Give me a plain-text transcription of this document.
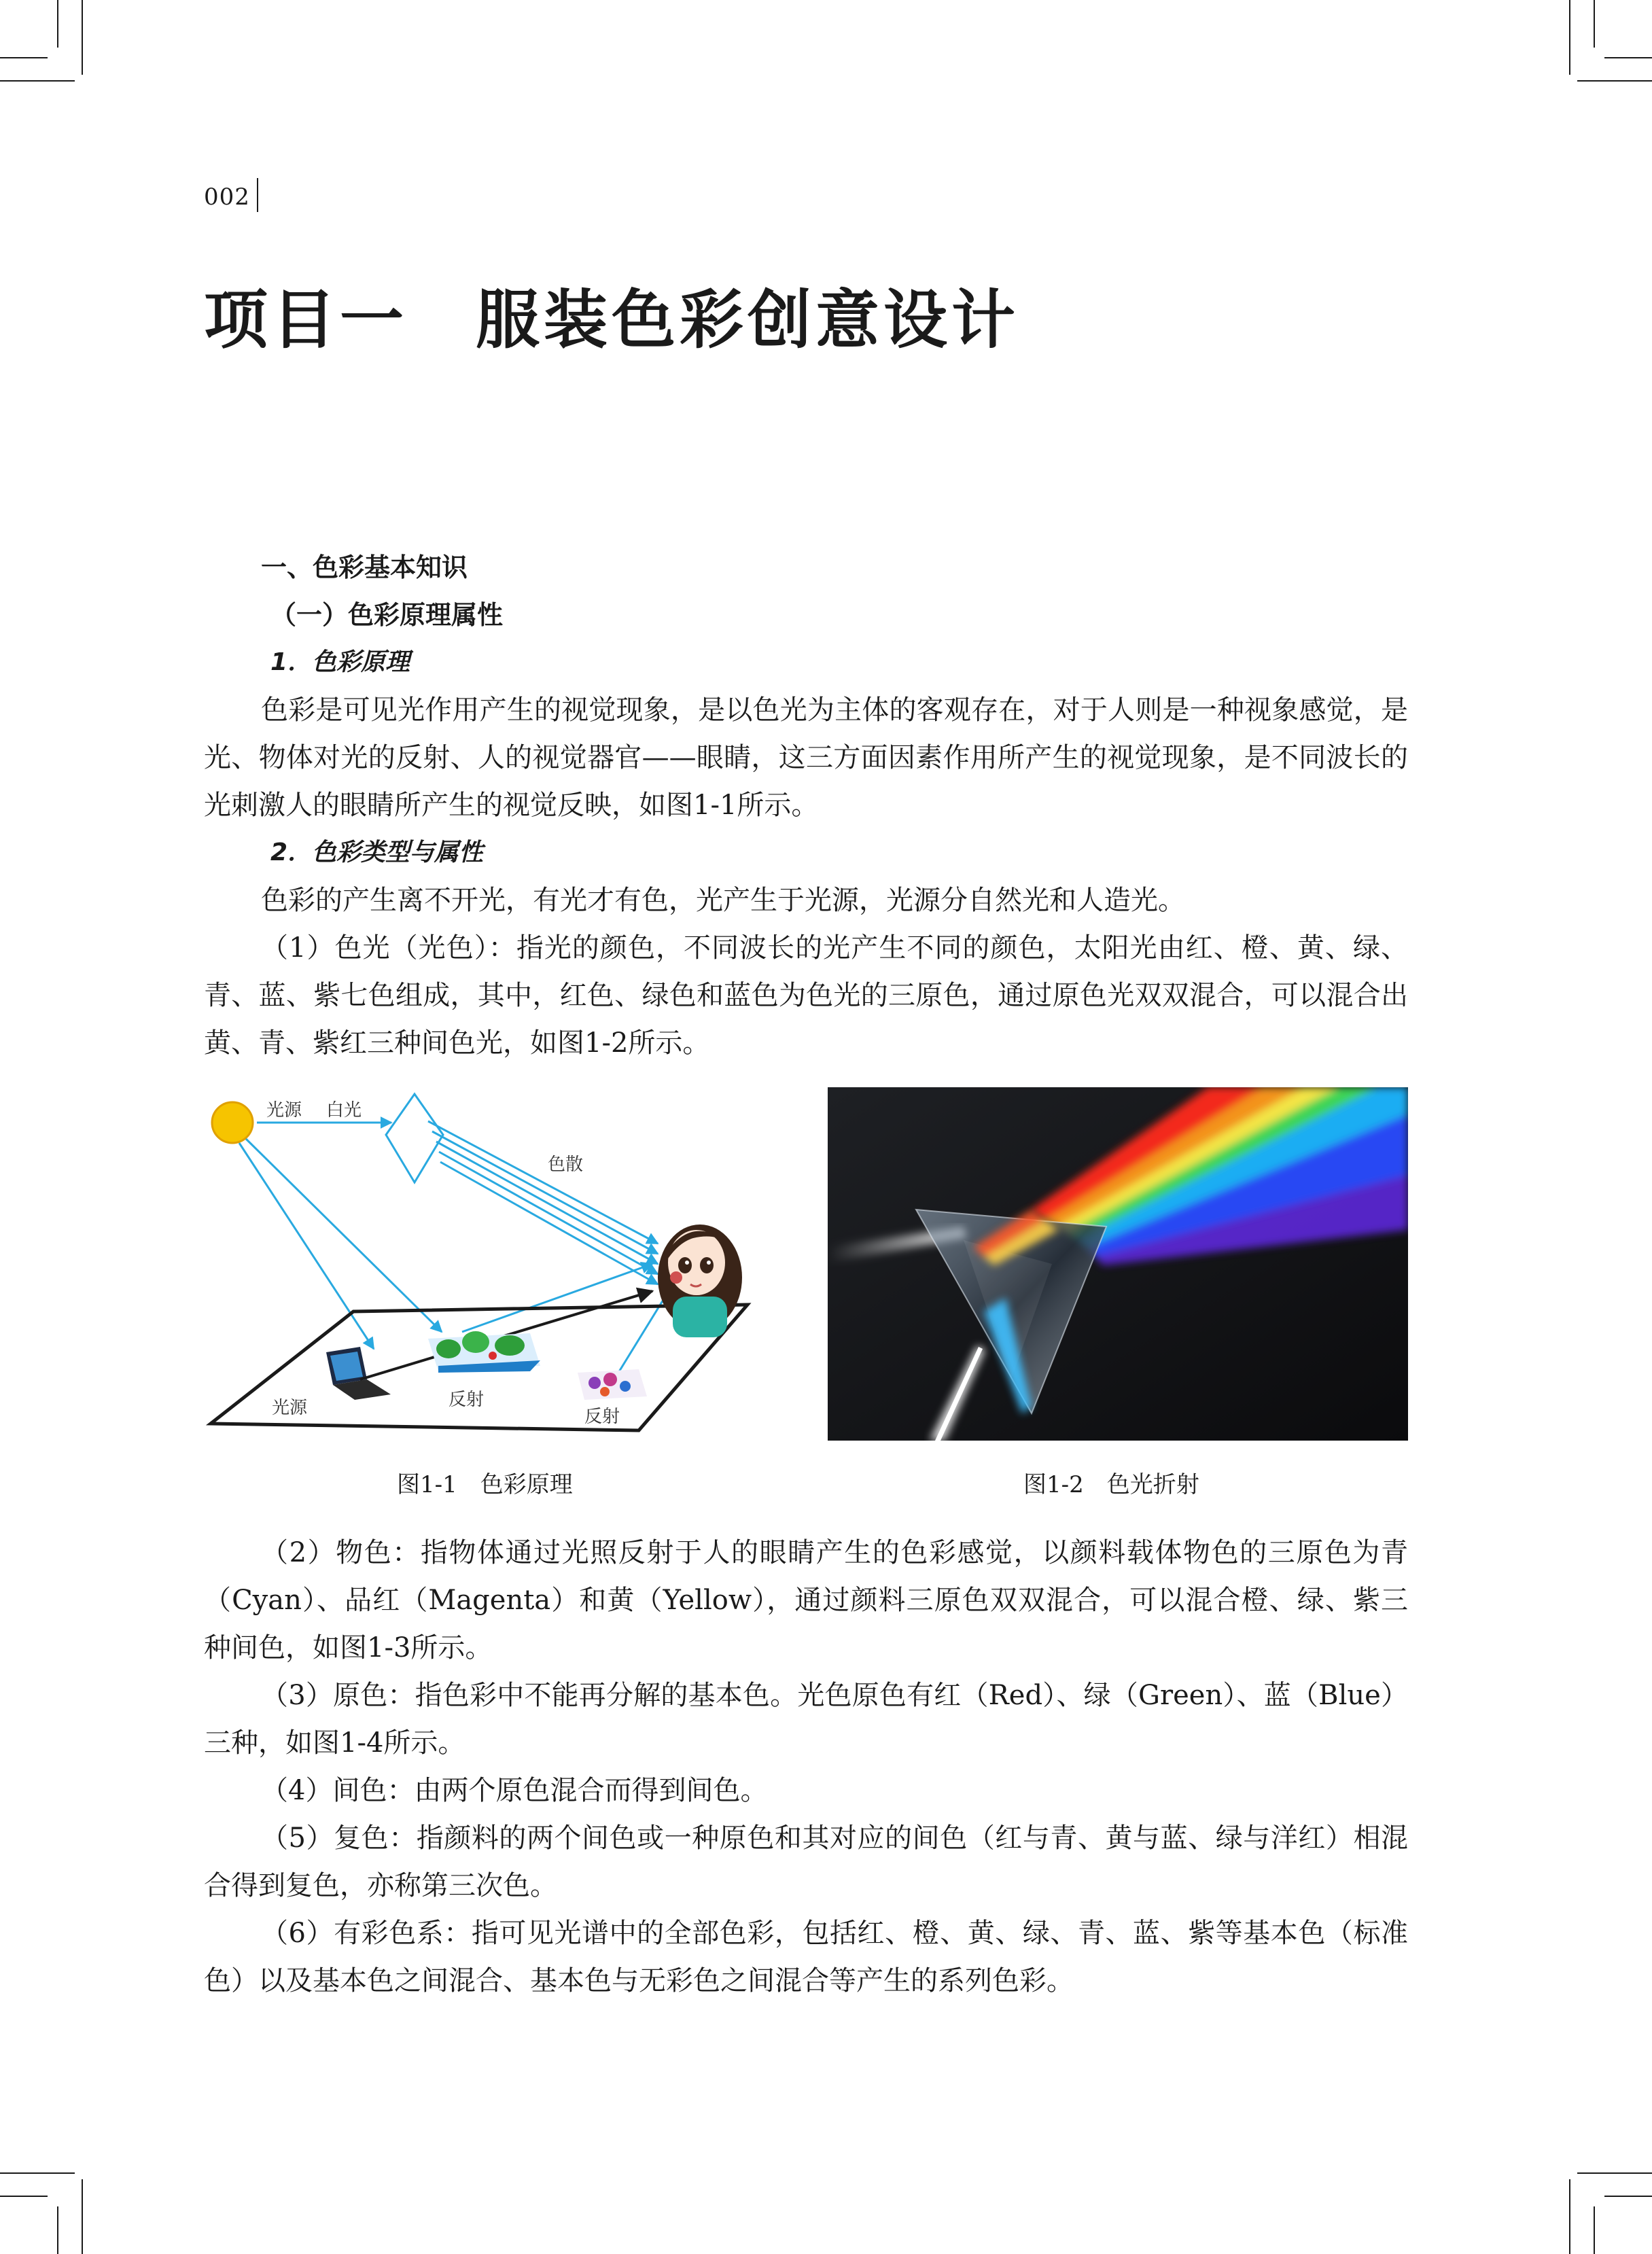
002
项目一　服装色彩创意设计

一、色彩基本知识

（一）色彩原理属性

1．色彩原理

色彩是可见光作用产生的视觉现象，是以色光为主体的客观存在，对于人则是一种视象感觉，是光、物体对光的反射、人的视觉器官——眼睛，这三方面因素作用所产生的视觉现象，是不同波长的光刺激人的眼睛所产生的视觉反映，如图1-1所示。

2．色彩类型与属性

色彩的产生离不开光，有光才有色，光产生于光源，光源分自然光和人造光。

（1）色光（光色）：指光的颜色，不同波长的光产生不同的颜色，太阳光由红、橙、黄、绿、青、蓝、紫七色组成，其中，红色、绿色和蓝色为色光的三原色，通过原色光双双混合，可以混合出黄、青、紫红三种间色光，如图1-2所示。

光源 白光
色散
光源	反射
反射
图1-1　色彩原理	图1-2　色光折射

（2）物色：指物体通过光照反射于人的眼睛产生的色彩感觉，以颜料载体物色的三原色为青（Cyan）、品红（Magenta）和黄（Yellow），通过颜料三原色双双混合，可以混合橙、绿、紫三种间色，如图1-3所示。

（3）原色：指色彩中不能再分解的基本色。光色原色有红（Red）、绿（Green）、蓝（Blue）三种，如图1-4所示。

（4）间色：由两个原色混合而得到间色。

（5）复色：指颜料的两个间色或一种原色和其对应的间色（红与青、黄与蓝、绿与洋红）相混合得到复色，亦称第三次色。

（6）有彩色系：指可见光谱中的全部色彩，包括红、橙、黄、绿、青、蓝、紫等基本色（标准色）以及基本色之间混合、基本色与无彩色之间混合等产生的系列色彩。
